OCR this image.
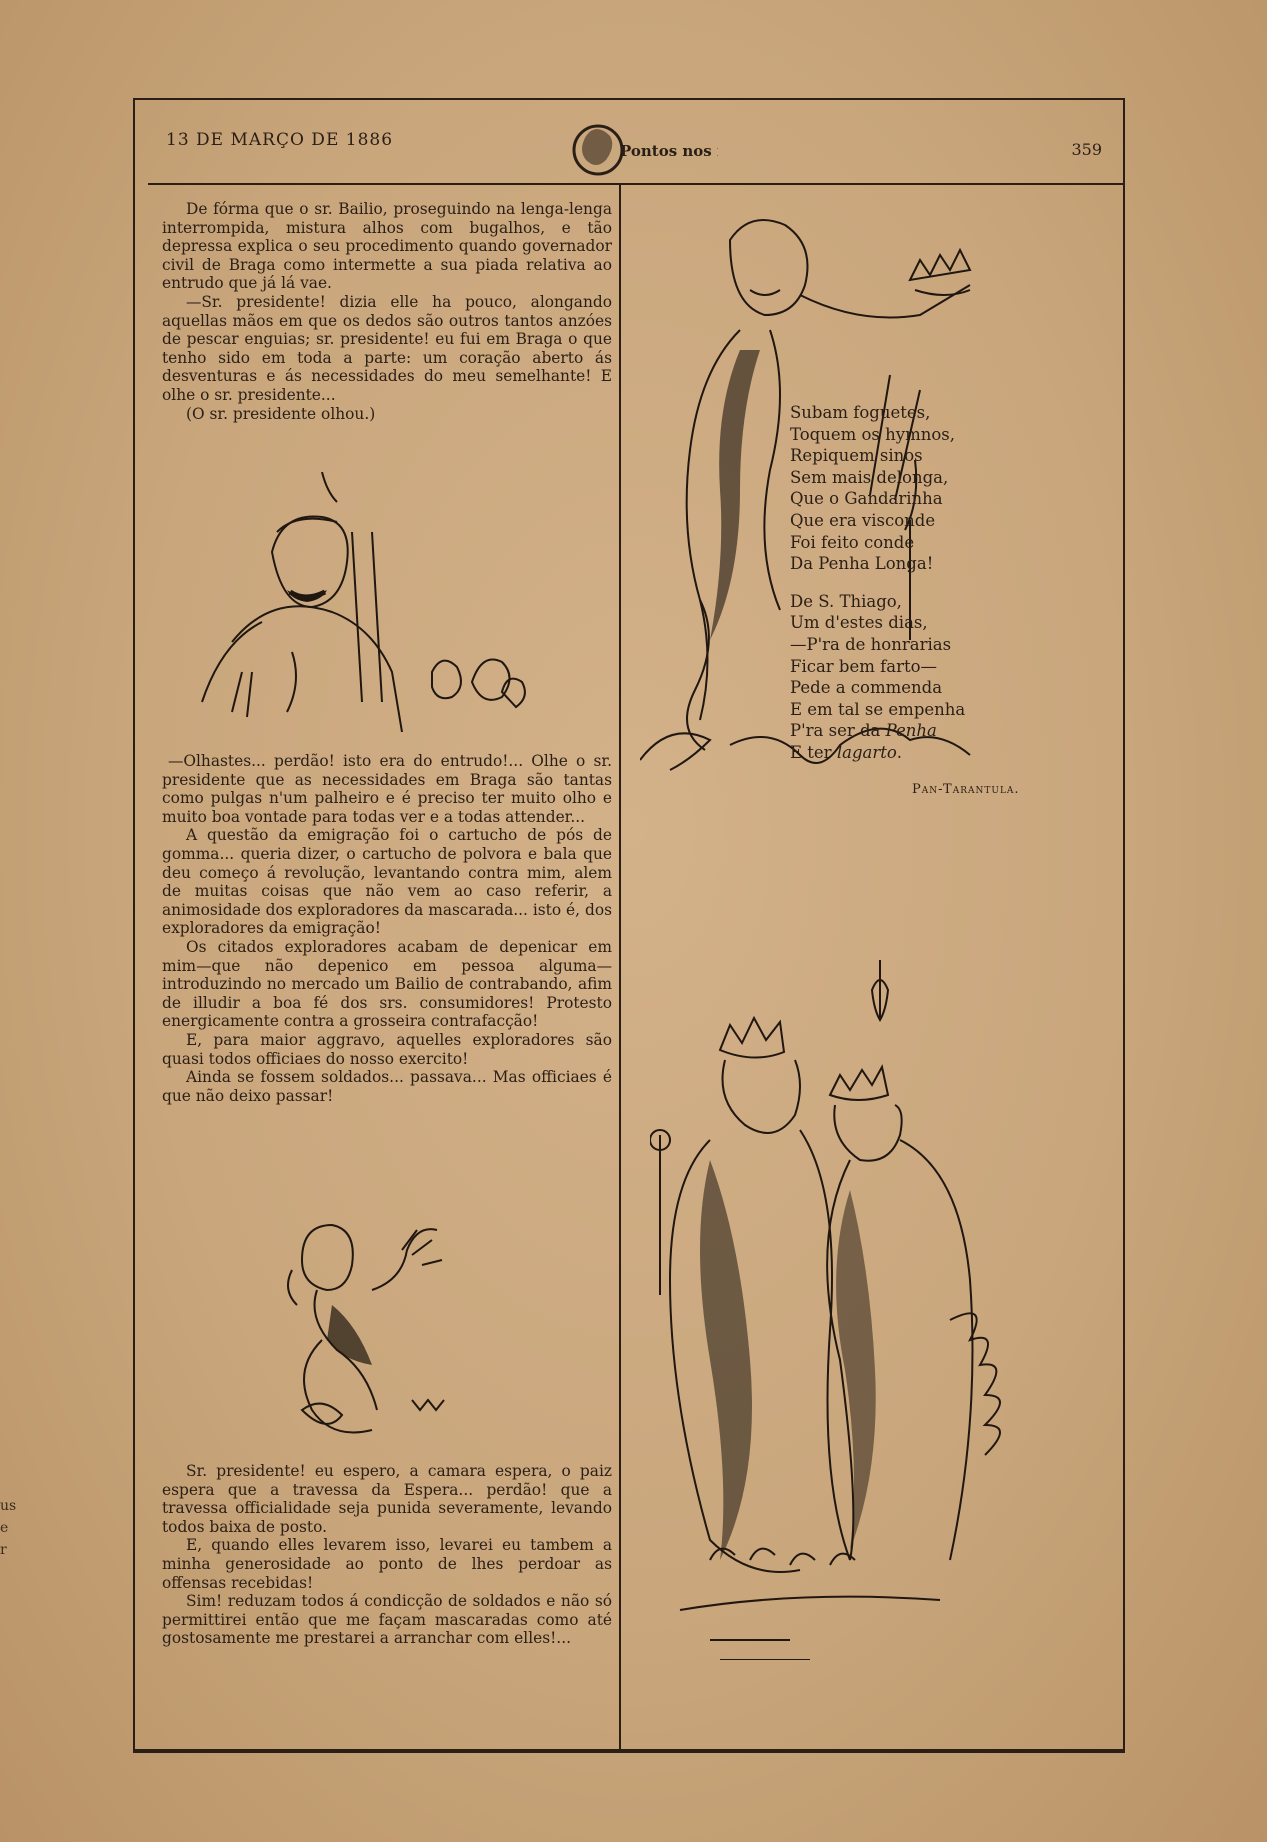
13 DE MARÇO DE 1886
Pontos nos ii	359

De fórma que o sr. Bailio, proseguindo na lenga-lenga interrompida, mistura alhos com bugalhos, e tão depressa explica o seu procedimento quando governador civil de Braga como intermette a sua piada relativa ao entrudo que já lá vae.

—Sr. presidente! dizia elle ha pouco, alongando aquellas mãos em que os dedos são outros tantos anzóes de pescar enguias; sr. presidente! eu fui em Braga o que tenho sido em toda a parte: um coração aberto ás desventuras e ás necessidades do meu semelhante! E olhe o sr. presidente...

(O sr. presidente olhou.)

—Olhastes... perdão! isto era do entrudo!... Olhe o sr. presidente que as necessidades em Braga são tantas como pulgas n'um palheiro e é preciso ter muito olho e muito boa vontade para todas ver e a todas attender...

A questão da emigração foi o cartucho de pós de gomma... queria dizer, o cartucho de polvora e bala que deu começo á revolução, levantando contra mim, alem de muitas coisas que não vem ao caso referir, a animosidade dos exploradores da mascarada... isto é, dos exploradores da emigração!

Os citados exploradores acabam de depenicar em mim—que não depenico em pessoa alguma—introduzindo no mercado um Bailio de contrabando, afim de illudir a boa fé dos srs. consumidores! Protesto energicamente contra a grosseira contrafacção!

E, para maior aggravo, aquelles exploradores são quasi todos officiaes do nosso exercito!

Ainda se fossem soldados... passava... Mas officiaes é que não deixo passar!

Sr. presidente! eu espero, a camara espera, o paiz espera que a travessa da Espera... perdão! que a travessa officialidade seja punida severamente, levando todos baixa de posto.

E, quando elles levarem isso, levarei eu tambem a minha generosidade ao ponto de lhes perdoar as offensas recebidas!

Sim! reduzam todos á condicção de soldados e não só permittirei então que me façam mascaradas como até gostosamente me prestarei a arranchar com elles!...

Subam foguetes,

Toquem os hymnos,

Repiquem sinos

Sem mais delonga,

Que o Gandarinha

Que era visconde

Foi feito conde

Da Penha Longa!

De S. Thiago,

Um d'estes dias,

—P'ra de honrarias

Ficar bem farto—

Pede a commenda

E em tal se empenha

P'ra ser da Penha

E ter lagarto.

Pan-Tarantula.
us
e r
